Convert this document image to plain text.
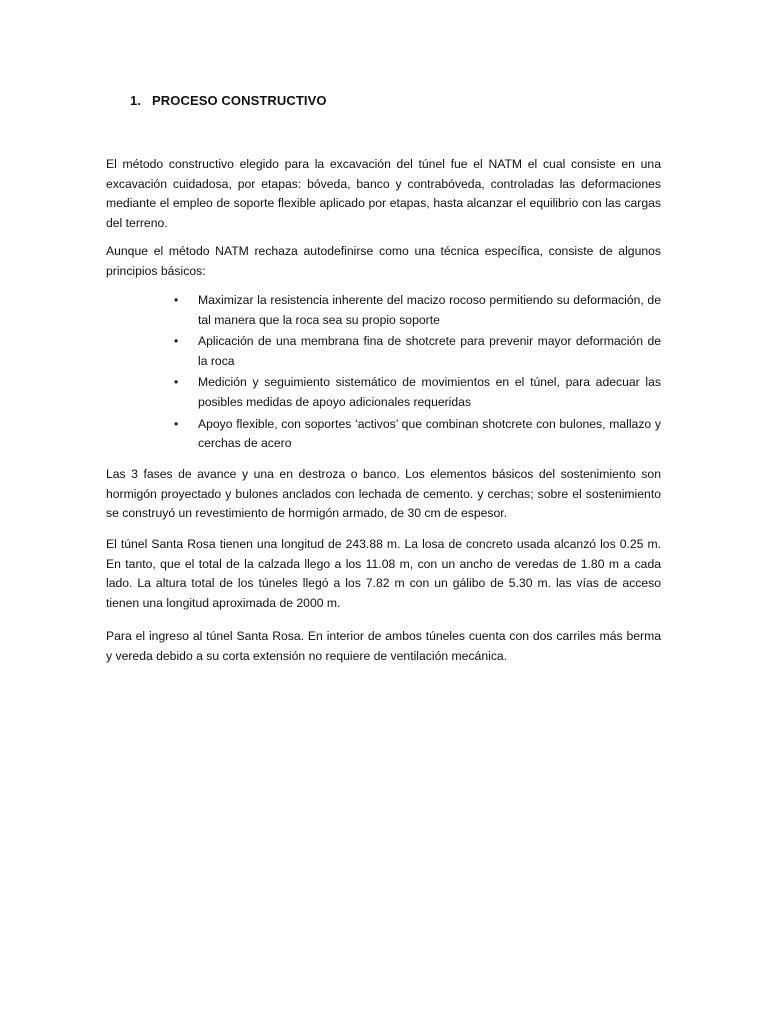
1. PROCESO CONSTRUCTIVO

El método constructivo elegido para la excavación del túnel fue el NATM el cual consiste en una excavación cuidadosa, por etapas: bóveda, banco y contrabóveda, controladas las deformaciones mediante el empleo de soporte flexible aplicado por etapas, hasta alcanzar el equilibrio con las cargas del terreno.

Aunque el método NATM rechaza autodefinirse como una técnica específica, consiste de algunos principios básicos:

• Maximizar la resistencia inherente del macizo rocoso permitiendo su deformación, de tal manera que la roca sea su propio soporte
• Aplicación de una membrana fina de shotcrete para prevenir mayor deformación de la roca
• Medición y seguimiento sistemático de movimientos en el túnel, para adecuar las posibles medidas de apoyo adicionales requeridas
• Apoyo flexible, con soportes ‘activos’ que combinan shotcrete con bulones, mallazo y cerchas de acero

Las 3 fases de avance y una en destroza o banco. Los elementos básicos del sostenimiento son hormigón proyectado y bulones anclados con lechada de cemento. y cerchas; sobre el sostenimiento se construyó un revestimiento de hormigón armado, de 30 cm de espesor.

El túnel Santa Rosa tienen una longitud de 243.88 m. La losa de concreto usada alcanzó los 0.25 m. En tanto, que el total de la calzada llego a los 11.08 m, con un ancho de veredas de 1.80 m a cada lado. La altura total de los túneles llegó a los 7.82 m con un gálibo de 5.30 m. las vías de acceso tienen una longitud aproximada de 2000 m.

Para el ingreso al túnel Santa Rosa. En interior de ambos túneles cuenta con dos carriles más berma y vereda debido a su corta extensión no requiere de ventilación mecánica.
